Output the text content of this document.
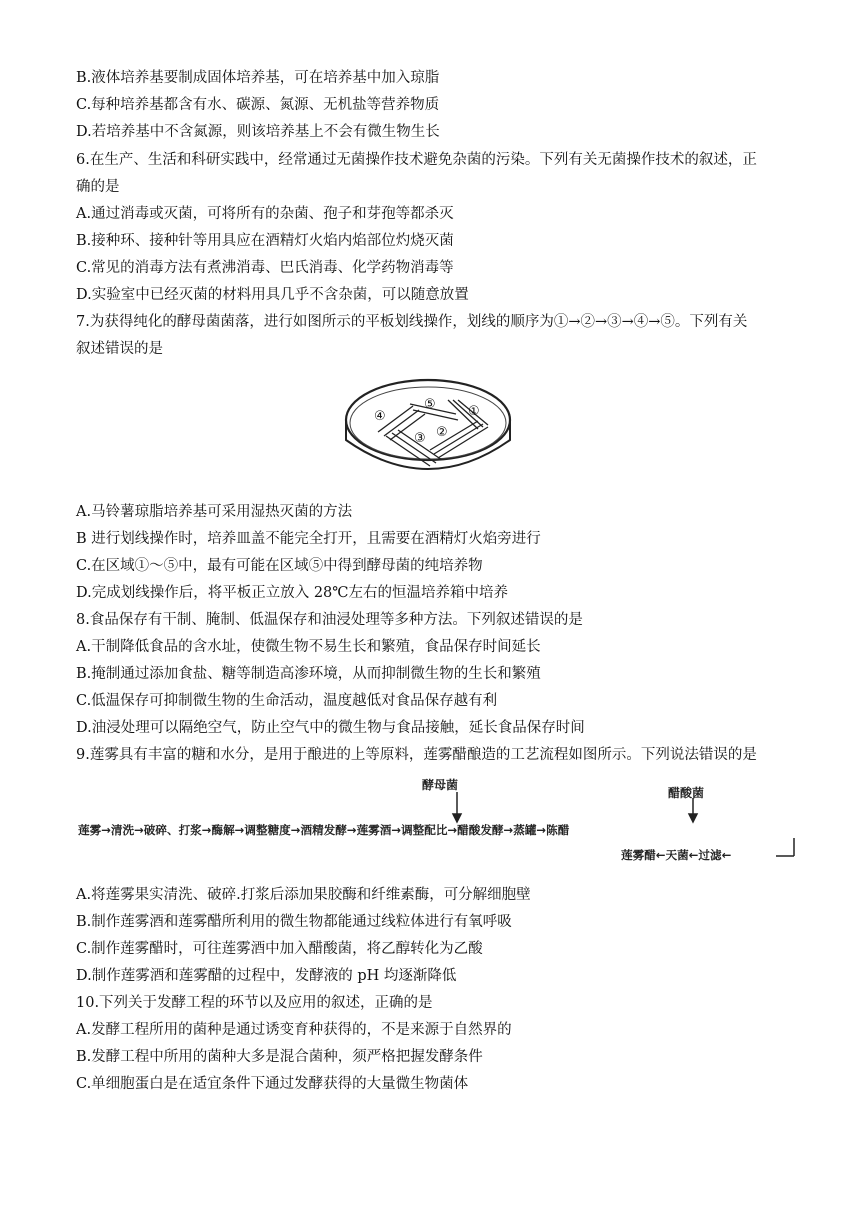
B.液体培养基要制成固体培养基，可在培养基中加入琼脂
C.每种培养基都含有水、碳源、氮源、无机盐等营养物质
D.若培养基中不含氮源，则该培养基上不会有微生物生长
6.在生产、生活和科研实践中，经常通过无菌操作技术避免杂菌的污染。下列有关无菌操作技术的叙述，正
确的是
A.通过消毒或灭菌，可将所有的杂菌、孢子和芽孢等都杀灭
B.接种环、接种针等用具应在酒精灯火焰内焰部位灼烧灭菌
C.常见的消毒方法有煮沸消毒、巴氏消毒、化学药物消毒等
D.实验室中已经灭菌的材料用具几乎不含杂菌，可以随意放置
7.为获得纯化的酵母菌菌落，进行如图所示的平板划线操作，划线的顺序为①→②→③→④→⑤。下列有关
叙述错误的是
④
⑤ ①
③ ②
A.马铃薯琼脂培养基可采用湿热灭菌的方法
B 进行划线操作时，培养皿盖不能完全打开，且需要在酒精灯火焰旁进行
C.在区域①～⑤中，最有可能在区域⑤中得到酵母菌的纯培养物
D.完成划线操作后，将平板正立放入 28℃左右的恒温培养箱中培养
8.食品保存有干制、腌制、低温保存和油浸处理等多种方法。下列叙述错误的是
A.干制降低食品的含水址，使微生物不易生长和繁殖，食品保存时间延长
B.掩制通过添加食盐、糖等制造高渗环境，从而抑制微生物的生长和繁殖
C.低温保存可抑制微生物的生命活动，温度越低对食品保存越有利
D.油浸处理可以隔绝空气，防止空气中的微生物与食品接触，延长食品保存时间
9.莲雾具有丰富的糖和水分，是用于酿进的上等原料，莲雾醋酿造的工艺流程如图所示。下列说法错误的是
酵母菌
醋酸菌
莲雾→清洗→破碎、打浆→酶解→调整糖度→酒精发酵→莲雾酒→调整配比→醋酸发酵→蒸罐→陈醋
莲雾醋←天菌←过滤←
A.将莲雾果实清洗、破碎.打浆后添加果胶酶和纤维素酶，可分解细胞壁
B.制作莲雾酒和莲雾醋所利用的微生物都能通过线粒体进行有氧呼吸
C.制作莲雾醋时，可往莲雾酒中加入醋酸菌，将乙醇转化为乙酸
D.制作莲雾酒和莲雾醋的过程中，发酵液的 pH 均逐渐降低
10.下列关于发酵工程的环节以及应用的叙述，正确的是
A.发酵工程所用的菌种是通过诱变育种获得的，不是来源于自然界的
B.发酵工程中所用的菌种大多是混合菌种，须严格把握发酵条件
C.单细胞蛋白是在适宜条件下通过发酵获得的大量微生物菌体
